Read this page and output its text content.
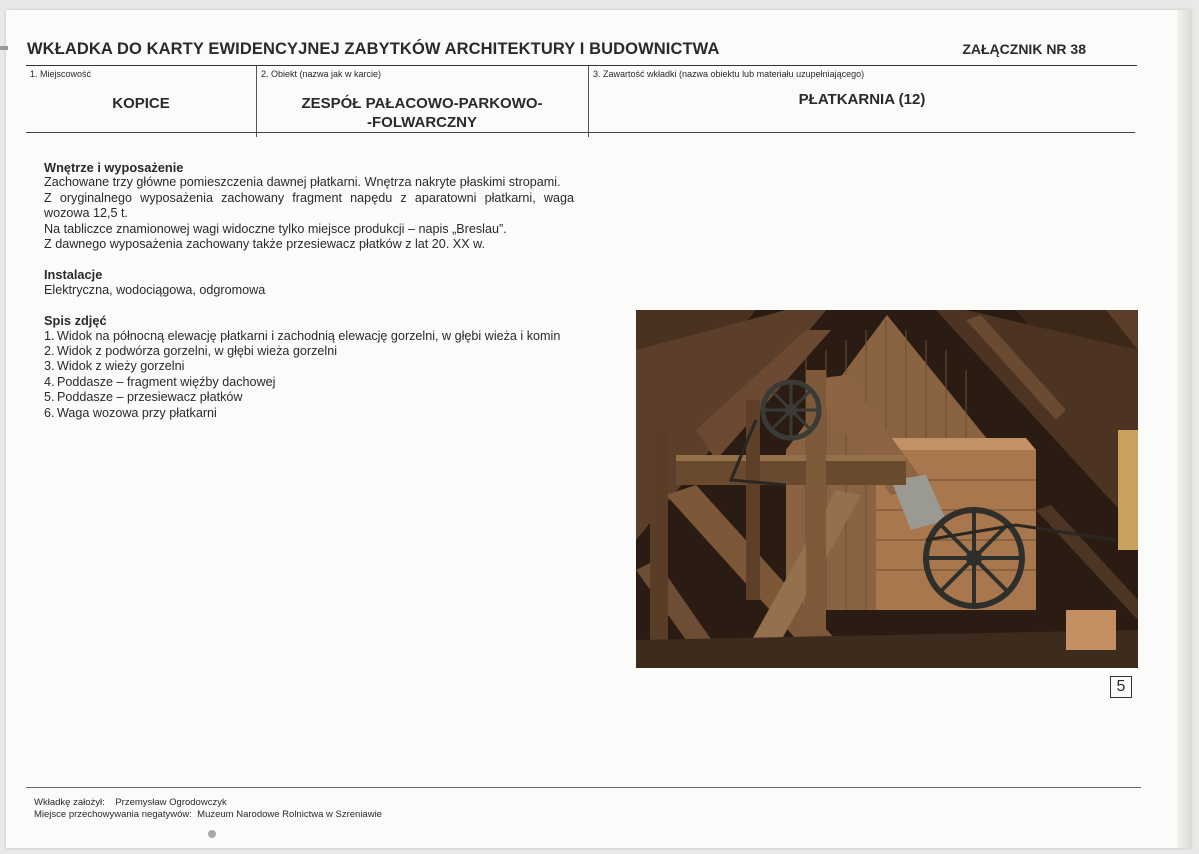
WKŁADKA DO KARTY EWIDENCYJNEJ ZABYTKÓW ARCHITEKTURY I BUDOWNICTWA	ZAŁĄCZNIK NR 38
1. Miejscowość
KOPICE
2. Obiekt (nazwa jak w karcie)
ZESPÓŁ PAŁACOWO-PARKOWO-
-FOLWARCZNY
3. Zawartość wkładki (nazwa obiektu lub materiału uzupełniającego)
PŁATKARNIA (12)
Wnętrze i wyposażenie

Zachowane trzy główne pomieszczenia dawnej płatkarni. Wnętrza nakryte płaskimi stropami.

Z oryginalnego wyposażenia zachowany fragment napędu z aparatowni płatkarni, waga wozowa 12,5 t.

Na tabliczce znamionowej wagi widoczne tylko miejsce produkcji – napis „Breslau”.

Z dawnego wyposażenia zachowany także przesiewacz płatków z lat 20. XX w.

Instalacje

Elektryczna, wodociągowa, odgromowa

Spis zdjęć
1. Widok na północną elewację płatkarni i zachodnią elewację gorzelni, w głębi wieża i komin
2. Widok z podwórza gorzelni, w głębi wieża gorzelni
3. Widok z wieży gorzelni
4. Poddasze – fragment więźby dachowej
5. Poddasze – przesiewacz płatków
6. Waga wozowa przy płatkarni
5
Wkładkę założył: Przemysław Ogrodowczyk
Miejsce przechowywania negatywów: Muzeum Narodowe Rolnictwa w Szreniawie
